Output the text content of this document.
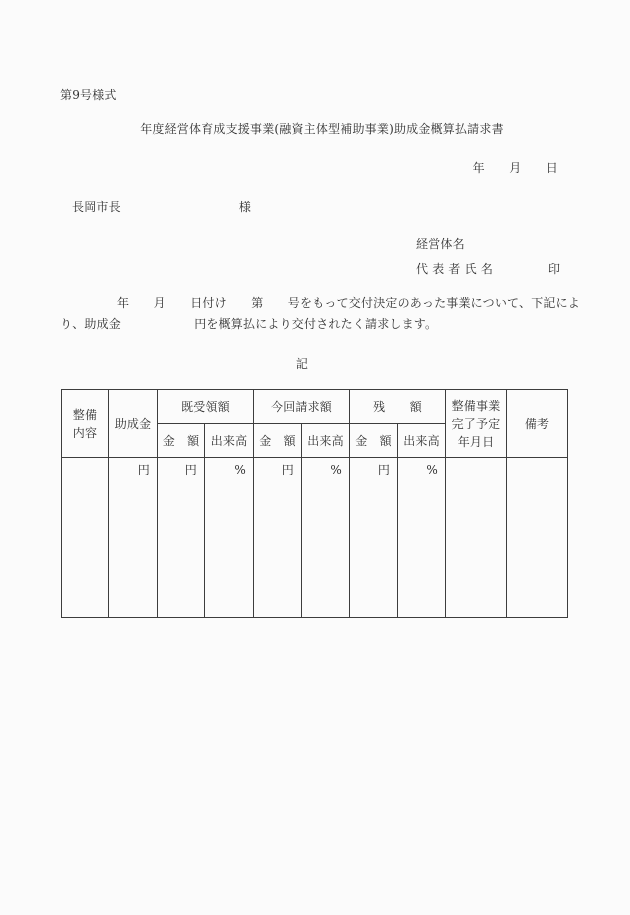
第9号様式
年度経営体育成支援事業(融資主体型補助事業)助成金概算払請求書
年　　月　　日
長岡市長	様
経営体名
代 表 者 氏 名	印
年　　月　　日付け　　第　　号をもって交付決定のあった事業について、下記によ
り、助成金　　　　　　円を概算払により交付されたく請求します。
記
整備内容	助成金	既受領額		今回請求額		残　　額		整備事業完了予定年月日	備考
		金　額	出来高	金　額	出来高	金　額	出来高		
	円	円	%	円	%	円	%		
